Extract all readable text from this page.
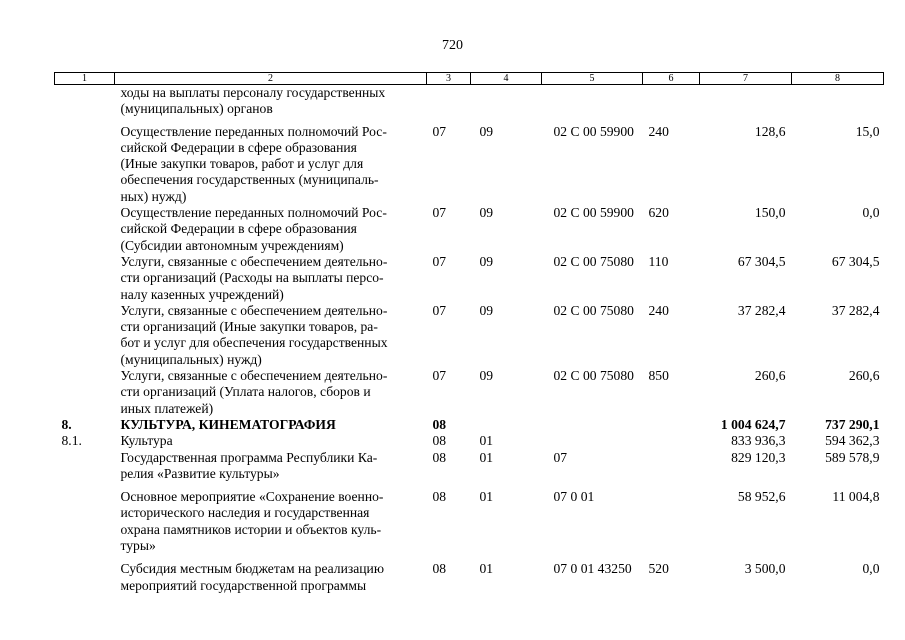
720
1	2	3	4	5	6	7	8

	ходы на выплаты персоналу государственных
(муниципальных) органов						

	Осуществление переданных полномочий Рос-
сийской Федерации в сфере образования
(Иные закупки товаров, работ и услуг для
обеспечения государственных (муниципаль-
ных) нужд)	07	09	02 С 00 59900	240	128,6	15,0

	Осуществление переданных полномочий Рос-
сийской Федерации в сфере образования
(Субсидии автономным учреждениям)	07	09	02 С 00 59900	620	150,0	0,0

	Услуги, связанные с обеспечением деятельно-
сти организаций (Расходы на выплаты персо-
налу казенных учреждений)	07	09	02 С 00 75080	110	67 304,5	67 304,5

	Услуги, связанные с обеспечением деятельно-
сти организаций (Иные закупки товаров, ра-
бот и услуг для обеспечения государственных
(муниципальных) нужд)	07	09	02 С 00 75080	240	37 282,4	37 282,4

	Услуги, связанные с обеспечением деятельно-
сти организаций (Уплата налогов, сборов и
иных платежей)	07	09	02 С 00 75080	850	260,6	260,6
8.	КУЛЬТУРА, КИНЕМАТОГРАФИЯ	08				1 004 624,7	737 290,1
8.1.	Культура	08	01			833 936,3	594 362,3

	Государственная программа Республики Ка-
релия «Развитие культуры»	08	01	07		829 120,3	589 578,9

	Основное мероприятие «Сохранение военно-
исторического наследия и государственная
охрана памятников истории и объектов куль-
туры»	08	01	07 0 01		58 952,6	11 004,8

	Субсидия местным бюджетам на реализацию
мероприятий государственной программы	08	01	07 0 01 43250	520	3 500,0	0,0
